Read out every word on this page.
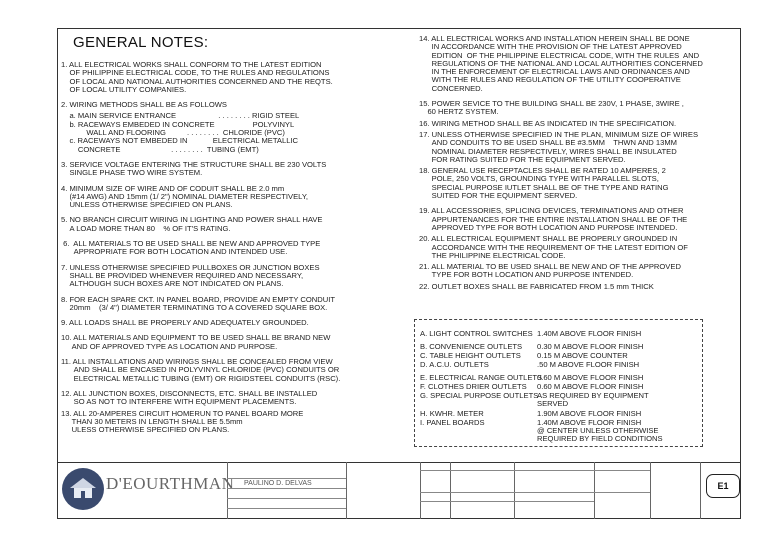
GENERAL NOTES:
1. ALL ELECTRICAL WORKS SHALL CONFORM TO THE LATEST EDITION
OF PHILIPPINE ELECTRICAL CODE, TO THE RULES AND REGULATIONS
OF LOCAL AND NATIONAL AUTHORITIES CONCERNED AND THE REQTS.
OF LOCAL UTILITY COMPANIES.
2. WIRING METHODS SHALL BE AS FOLLOWS
a. MAIN SERVICE ENTRANCE                    . . . . . . . . RIGID STEEL
b. RACEWAYS EMBEDED IN CONCRETE                  POLYVINYL
WALL AND FLOORING          . . . . . . . .  CHLORIDE (PVC)
c. RACEWAYS NOT EMBEDED IN            ELECTRICAL METALLIC
CONCRETE                        . . . . . . . .  TUBING (EMT)
3. SERVICE VOLTAGE ENTERING THE STRUCTURE SHALL BE 230 VOLTS
SINGLE PHASE TWO WIRE SYSTEM.
4. MINIMUM SIZE OF WIRE AND OF CODUIT SHALL BE 2.0 mm
(#14 AWG) AND 15mm (1/ 2") NOMINAL DIAMETER RESPECTIVELY,
UNLESS OTHERWISE SPECIFIED ON PLANS.
5. NO BRANCH CIRCUIT WIRING IN LIGHTING AND POWER SHALL HAVE
A LOAD MORE THAN 80    % OF IT'S RATING.
6.  ALL MATERIALS TO BE USED SHALL BE NEW AND APPROVED TYPE
APPROPRIATE FOR BOTH LOCATION AND INTENDED USE.
7. UNLESS OTHERWISE SPECIFIED PULLBOXES OR JUNCTION BOXES
SHALL BE PROVIDED WHENEVER REQUIRED AND NECESSARY,
ALTHOUGH SUCH BOXES ARE NOT INDICATED ON PLANS.
8. FOR EACH SPARE CKT. IN PANEL BOARD, PROVIDE AN EMPTY CONDUIT
20mm    (3/ 4") DIAMETER TERMINATING TO A COVERED SQUARE BOX.
9. ALL LOADS SHALL BE PROPERLY AND ADEQUATELY GROUNDED.
10. ALL MATERIALS AND EQUIPMENT TO BE USED SHALL BE BRAND NEW
AND OF APPROVED TYPE AS LOCATION AND PURPOSE.
11. ALL INSTALLATIONS AND WIRINGS SHALL BE CONCEALED FROM VIEW
AND SHALL BE ENCASED IN POLYVINYL CHLORIDE (PVC) CONDUITS OR
ELECTRICAL METALLIC TUBING (EMT) OR RIGIDSTEEL CONDUITS (RSC).
12. ALL JUNCTION BOXES, DISCONNECTS, ETC. SHALL BE INSTALLED
SO AS NOT TO INTERFERE WITH EQUIPMENT PLACEMENTS.
13. ALL 20-AMPERES CIRCUIT HOMERUN TO PANEL BOARD MORE
THAN 30 METERS IN LENGTH SHALL BE 5.5mm
ULESS OTHERWISE SPECIFIED ON PLANS.
14. ALL ELECTRICAL WORKS AND INSTALLATION HEREIN SHALL BE DONE
IN ACCORDANCE WITH THE PROVISION OF THE LATEST APPROVED
EDITION  OF THE PHILIPPINE ELECTRICAL CODE, WITH THE RULES  AND
REGULATIONS OF THE NATIONAL AND LOCAL AUTHORITIES CONCERNED
IN THE ENFORCEMENT OF ELECTRICAL LAWS AND ORDINANCES AND
WITH THE RULES AND REGULATION OF THE UTILITY COOPERATIVE
CONCERNED.
15. POWER SEVICE TO THE BUILDING SHALL BE 230V, 1 PHASE, 3WIRE ,
60 HERTZ SYSTEM.
16. WIRING METHOD SHALL BE AS INDICATED IN THE SPECIFICATION.
17. UNLESS OTHERWISE SPECIFIED IN THE PLAN, MINIMUM SIZE OF WIRES
AND CONDUITS TO BE USED SHALL BE #3.5MM    THWN AND 13MM
NOMINAL DIAMETER RESPECTIVELY, WIRES SHALL BE INSULATED
FOR RATING SUITED FOR THE EQUIPMENT SERVED.
18. GENERAL USE RECEPTACLES SHALL BE RATED 10 AMPERES, 2
POLE, 250 VOLTS, GROUNDING TYPE WITH PARALLEL SLOTS,
SPECIAL PURPOSE IUTLET SHALL BE OF THE TYPE AND RATING
SUITED FOR THE EQUIPMENT SERVED.
19. ALL ACCESSORIES, SPLICING DEVICES, TERMINATIONS AND OTHER
APPURTENANCES FOR THE ENTIRE INSTALLATION SHALL BE OF THE
APPROVED TYPE FOR BOTH LOCATION AND PURPOSE INTENDED.
20. ALL ELECTRICAL EQUIPMENT SHALL BE PROPERLY GROUNDED IN
ACCORDANCE WITH THE REQUIREMENT OF THE LATEST EDITION OF
THE PHILIPPINE ELECTRICAL CODE.
21. ALL MATERIAL TO BE USED SHALL BE NEW AND OF THE APPROVED
TYPE FOR BOTH LOCATION AND PURPOSE INTENDED.
22. OUTLET BOXES SHALL BE FABRICATED FROM 1.5 mm THICK
A. LIGHT CONTROL SWITCHES 1.40M ABOVE FLOOR FINISH
B. CONVENIENCE OUTLETS 0.30 M ABOVE FLOOR FINISH
C. TABLE HEIGHT OUTLETS 0.15 M ABOVE COUNTER
D. A.C.U. OUTLETS	.50 M ABOVE FLOOR FINISH
E. ELECTRICAL RANGE OUTLETS
0.60 M ABOVE FLOOR FINISH
F. CLOTHES DRIER OUTLETS 0.60 M ABOVE FLOOR FINISH
G. SPECIAL PURPOSE OUTLETS
AS REQUIRED BY EQUIPMENT
SERVED
H. KWHR. METER	1.90M ABOVE FLOOR FINISH
I. PANEL BOARDS	1.40M ABOVE FLOOR FINISH
@ CENTER UNLESS OTHERWISE
REQUIRED BY FIELD CONDITIONS
D'EOURTHMAN PAULINO D. DELVAS	E1
